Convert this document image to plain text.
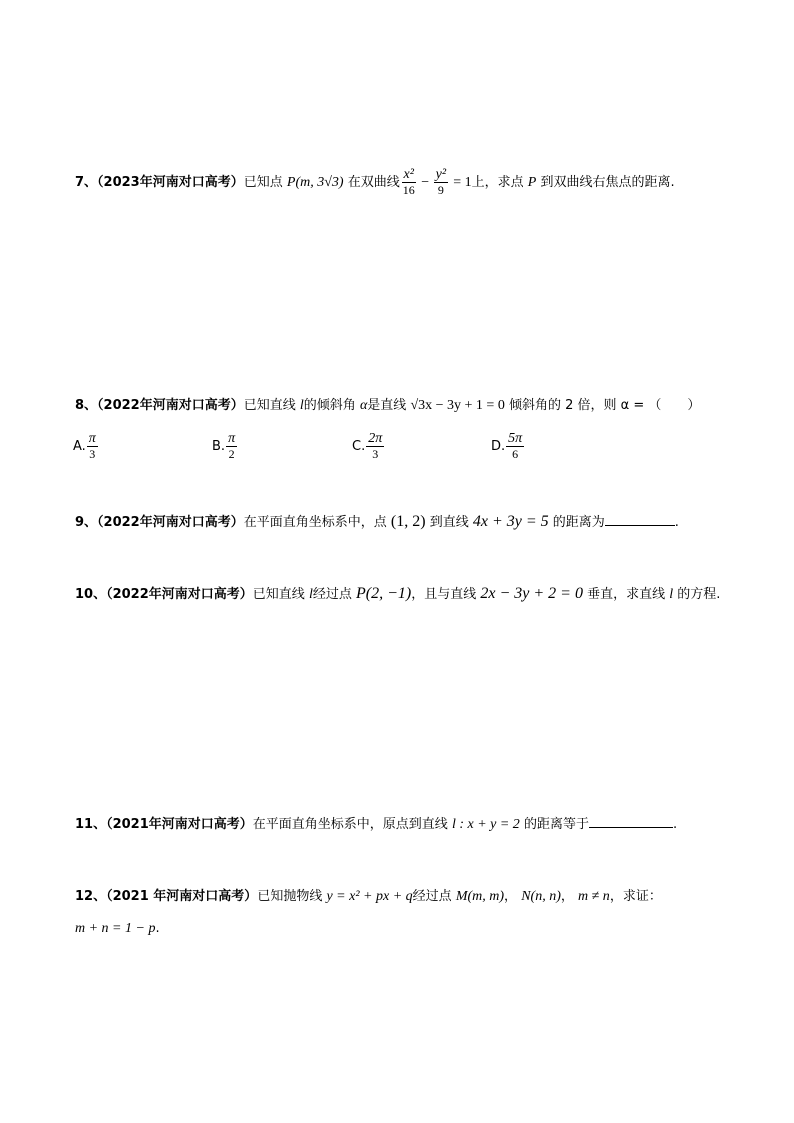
7、（2023年河南对口高考）已知点 P(m, 3√3) 在双曲线 $\frac{\text{x²}}{16} - \frac{\text{y²}}{9} = 1$上，求点 P 到双曲线右焦点的距离.
8、（2022年河南对口高考）已知直线 l的倾斜角 α是直线 √3x − 3y + 1 = 0 倾斜角的 2 倍，则 α = （　　）
A. $\frac{\pi}{3}$	B. $\frac{\pi}{2}$	C. $\frac{2\pi}{3}$	D. $\frac{5\pi}{6}$
9、（2022年河南对口高考）在平面直角坐标系中，点 (1, 2) 到直线 4x + 3y = 5 的距离为	.
10、（2022年河南对口高考）已知直线 l经过点 P(2, −1)，且与直线 2x − 3y + 2 = 0 垂直，求直线 l 的方程.
11、（2021年河南对口高考）在平面直角坐标系中，原点到直线 l : x + y = 2 的距离等于	.
12、（2021 年河南对口高考）已知抛物线 y = x² + px + q经过点 M(m, m)， N(n, n)， m ≠ n，求证：
m + n = 1 − p.
